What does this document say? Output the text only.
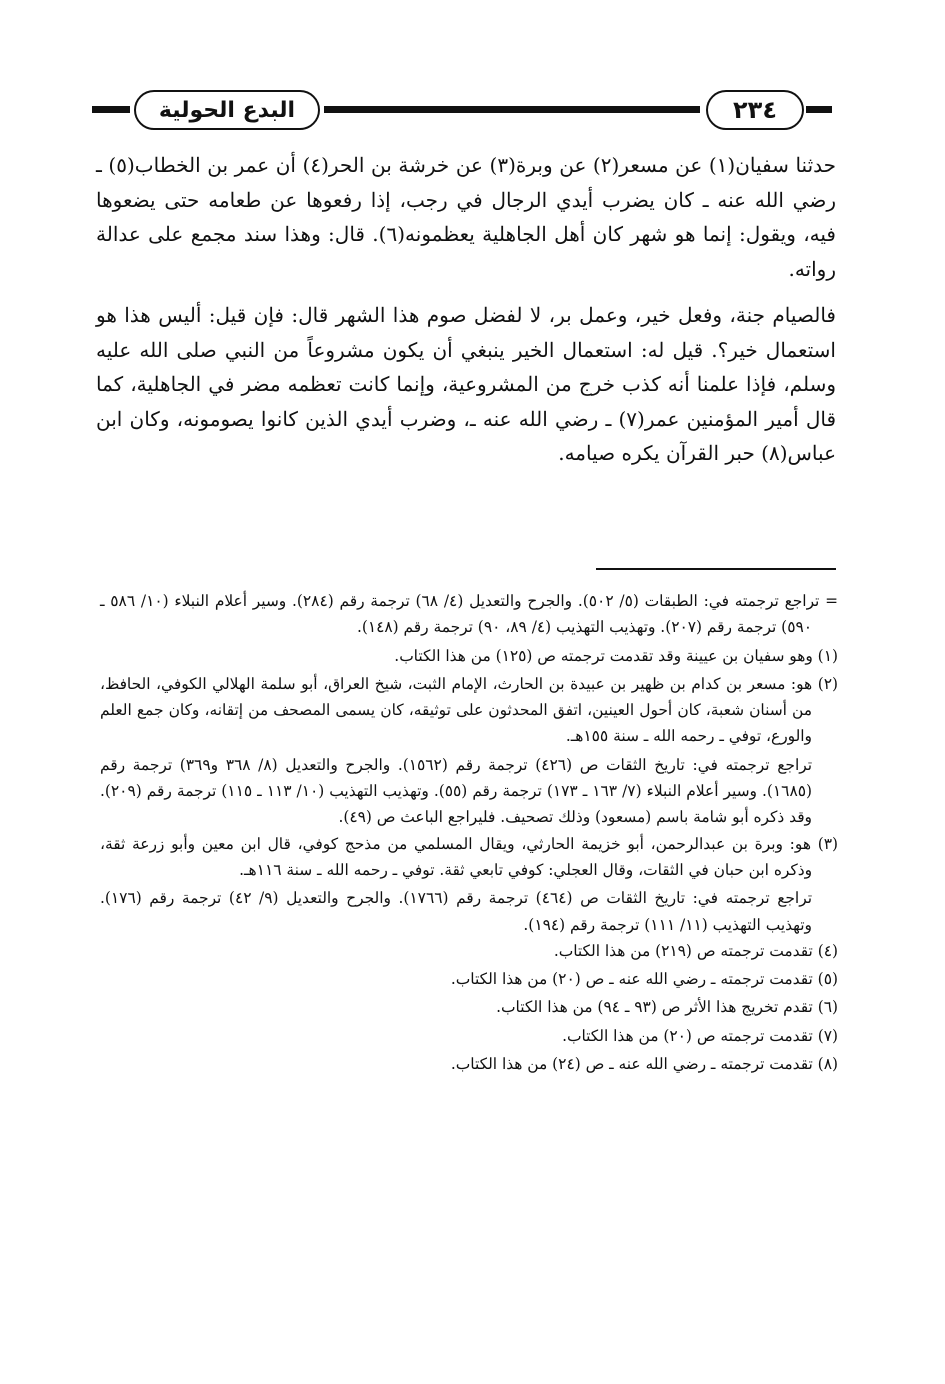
البدع الحولية	٢٣٤

حدثنا سفيان(١) عن مسعر(٢) عن وبرة(٣) عن خرشة بن الحر(٤) أن عمر بن الخطاب(٥) ـ رضي الله عنه ـ كان يضرب أيدي الرجال في رجب، إذا رفعوها عن طعامه حتى يضعوها فيه، ويقول: إنما هو شهر كان أهل الجاهلية يعظمونه(٦). قال: وهذا سند مجمع على عدالة رواته.

فالصيام جنة، وفعل خير، وعمل بر، لا لفضل صوم هذا الشهر قال: فإن قيل: أليس هذا هو استعمال خير؟. قيل له: استعمال الخير ينبغي أن يكون مشروعاً من النبي صلى الله عليه وسلم، فإذا علمنا أنه كذب خرج من المشروعية، وإنما كانت تعظمه مضر في الجاهلية، كما قال أمير المؤمنين عمر(٧) ـ رضي الله عنه ـ، وضرب أيدي الذين كانوا يصومونه، وكان ابن عباس(٨) حبر القرآن يكره صيامه.

= تراجع ترجمته في: الطبقات (٥/ ٥٠٢). والجرح والتعديل (٤/ ٦٨) ترجمة رقم (٢٨٤). وسير أعلام النبلاء (١٠/ ٥٨٦ ـ ٥٩٠) ترجمة رقم (٢٠٧). وتهذيب التهذيب (٤/ ٨٩، ٩٠) ترجمة رقم (١٤٨).

(١) وهو سفيان بن عيينة وقد تقدمت ترجمته ص (١٢٥) من هذا الكتاب.

(٢) هو: مسعر بن كدام بن ظهير بن عبيدة بن الحارث، الإمام الثبت، شيخ العراق، أبو سلمة الهلالي الكوفي، الحافظ، من أسنان شعبة، كان أحول العينين، اتفق المحدثون على توثيقه، كان يسمى المصحف من إتقانه، وكان جمع العلم والورع، توفي ـ رحمه الله ـ سنة ١٥٥هـ.

تراجع ترجمته في: تاريخ الثقات ص (٤٢٦) ترجمة رقم (١٥٦٢). والجرح والتعديل (٨/ ٣٦٨ و٣٦٩) ترجمة رقم (١٦٨٥). وسير أعلام النبلاء (٧/ ١٦٣ ـ ١٧٣) ترجمة رقم (٥٥). وتهذيب التهذيب (١٠/ ١١٣ ـ ١١٥) ترجمة رقم (٢٠٩). وقد ذكره أبو شامة باسم (مسعود) وذلك تصحيف. فليراجع الباعث ص (٤٩).

(٣) هو: وبرة بن عبدالرحمن، أبو خزيمة الحارثي، ويقال المسلمي من مذحج كوفي، قال ابن معين وأبو زرعة ثقة، وذكره ابن حبان في الثقات، وقال العجلي: كوفي تابعي ثقة. توفي ـ رحمه الله ـ سنة ١١٦هـ.

تراجع ترجمته في: تاريخ الثقات ص (٤٦٤) ترجمة رقم (١٧٦٦). والجرح والتعديل (٩/ ٤٢) ترجمة رقم (١٧٦). وتهذيب التهذيب (١١/ ١١١) ترجمة رقم (١٩٤).

(٤) تقدمت ترجمته ص (٢١٩) من هذا الكتاب.

(٥) تقدمت ترجمته ـ رضي الله عنه ـ ص (٢٠) من هذا الكتاب.

(٦) تقدم تخريج هذا الأثر ص (٩٣ ـ ٩٤) من هذا الكتاب.

(٧) تقدمت ترجمته ص (٢٠) من هذا الكتاب.

(٨) تقدمت ترجمته ـ رضي الله عنه ـ ص (٢٤) من هذا الكتاب.
